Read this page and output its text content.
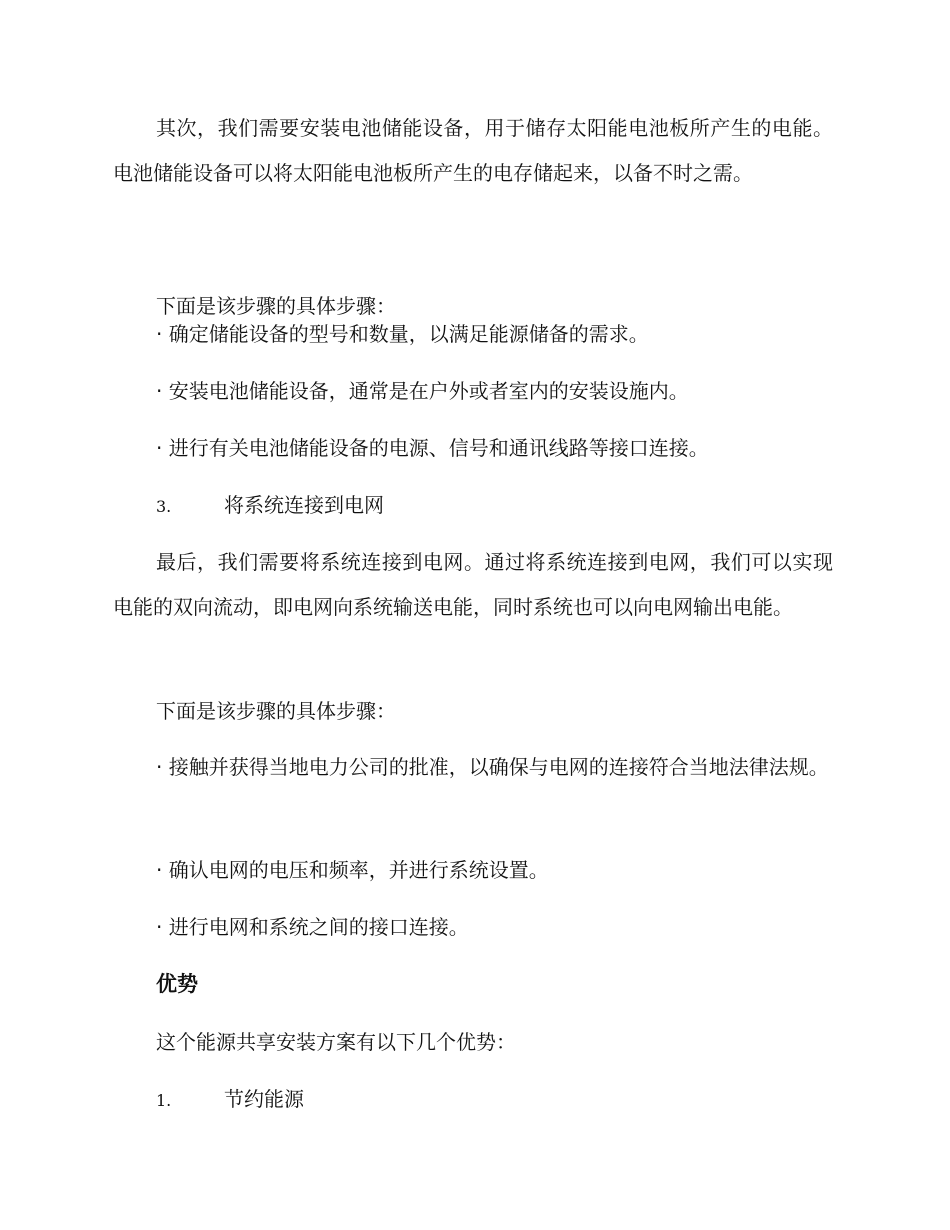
其次，我们需要安装电池储能设备，用于储存太阳能电池板所产生的电能。电池储能设备可以将太阳能电池板所产生的电存储起来，以备不时之需。

下面是该步骤的具体步骤：

· 确定储能设备的型号和数量，以满足能源储备的需求。

· 安装电池储能设备，通常是在户外或者室内的安装设施内。

· 进行有关电池储能设备的电源、信号和通讯线路等接口连接。

3.	将系统连接到电网

最后，我们需要将系统连接到电网。通过将系统连接到电网，我们可以实现电能的双向流动，即电网向系统输送电能，同时系统也可以向电网输出电能。

下面是该步骤的具体步骤：

· 接触并获得当地电力公司的批准，以确保与电网的连接符合当地法律法规。

· 确认电网的电压和频率，并进行系统设置。

· 进行电网和系统之间的接口连接。

优势

这个能源共享安装方案有以下几个优势：

1.	节约能源
